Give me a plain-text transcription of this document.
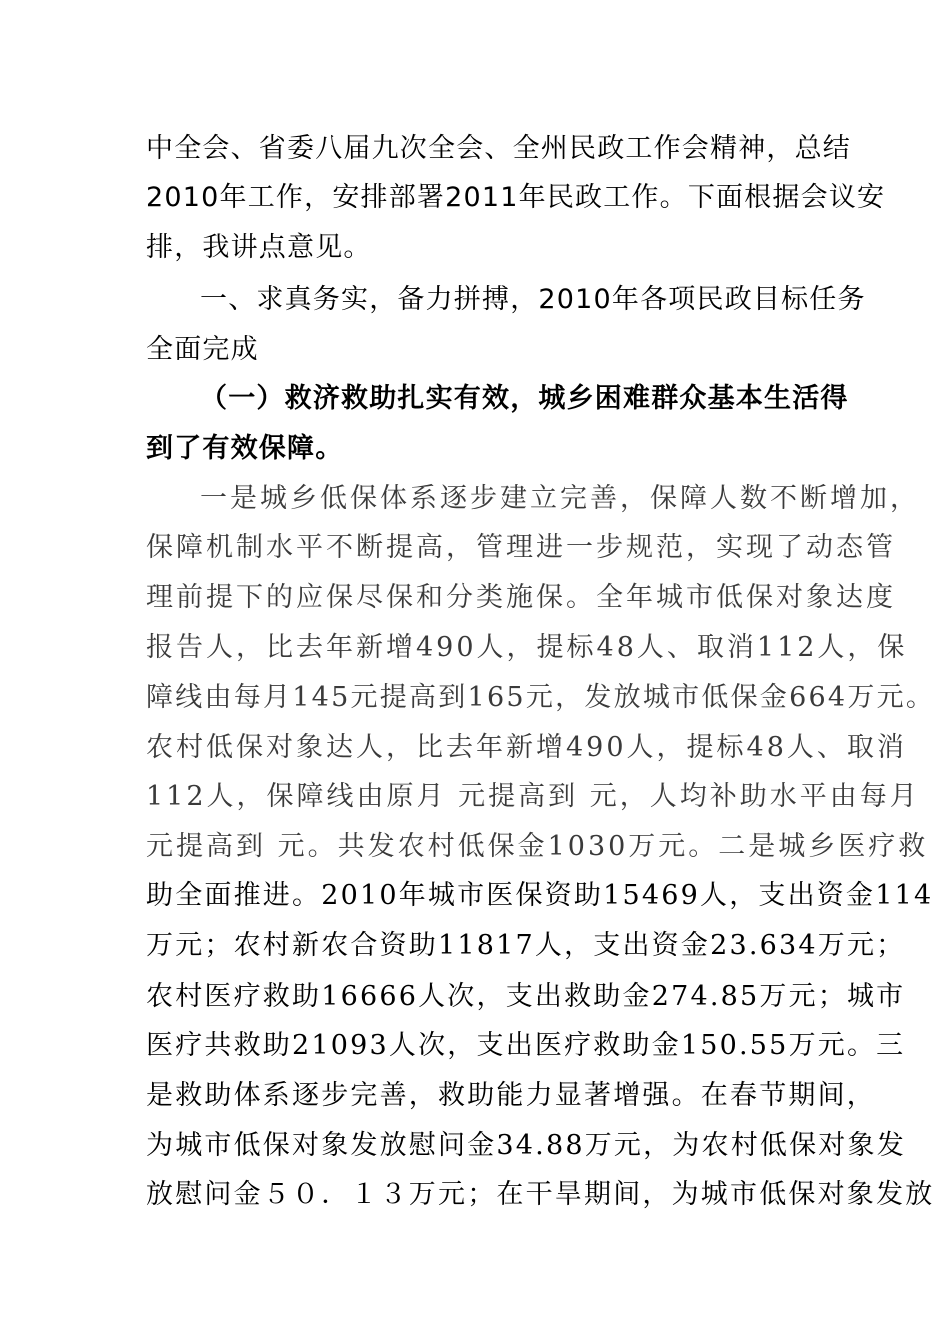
中全会、省委八届九次全会、全州民政工作会精神，总结
2010年工作，安排部署2011年民政工作。下面根据会议安
排，我讲点意见。
一、求真务实，备力拼搏，2010年各项民政目标任务
全面完成
（一）救济救助扎实有效，城乡困难群众基本生活得
到了有效保障。
一是城乡低保体系逐步建立完善，保障人数不断增加，
保障机制水平不断提高，管理进一步规范，实现了动态管
理前提下的应保尽保和分类施保。全年城市低保对象达度
报告人，比去年新增490人，提标48人、取消112人，保
障线由每月145元提高到165元，发放城市低保金664万元。
农村低保对象达人，比去年新增490人，提标48人、取消
112人，保障线由原月 元提高到 元，人均补助水平由每月
元提高到 元。共发农村低保金1030万元。二是城乡医疗救
助全面推进。2010年城市医保资助15469人，支出资金114
万元；农村新农合资助11817人，支出资金23.634万元；
农村医疗救助16666人次，支出救助金274.85万元；城市
医疗共救助21093人次，支出医疗救助金150.55万元。三
是救助体系逐步完善，救助能力显著增强。在春节期间，
为城市低保对象发放慰问金34.88万元，为农村低保对象发
放慰问金５０．１３万元；在干旱期间，为城市低保对象发放
